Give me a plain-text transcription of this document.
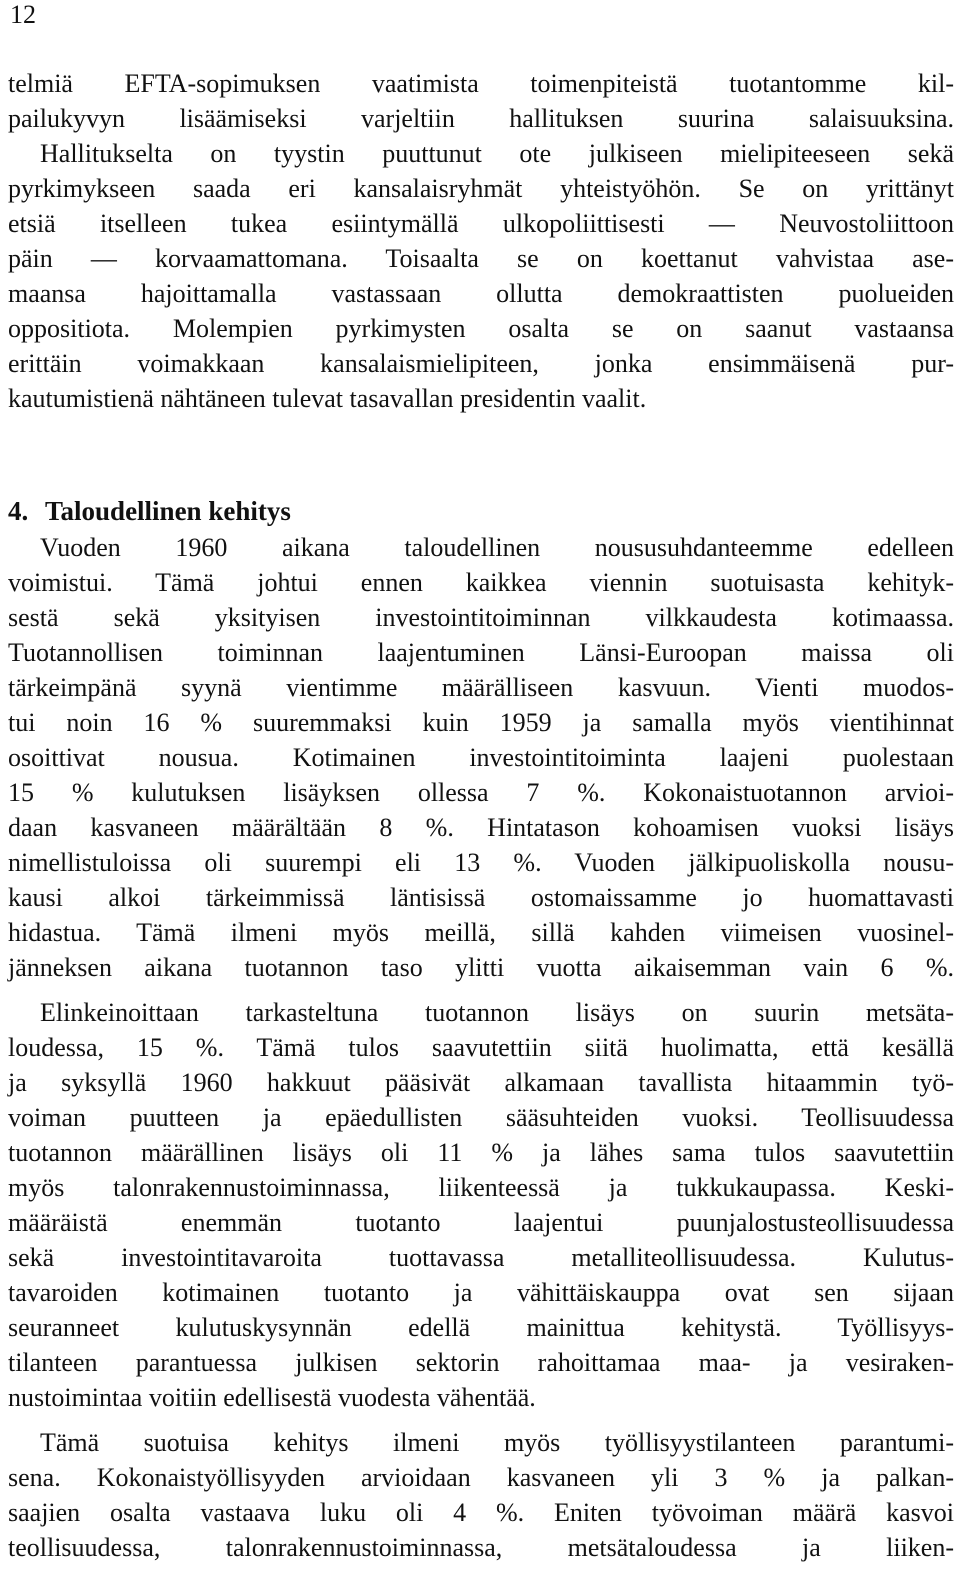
12
telmiä EFTA-sopimuksen vaatimista toimenpiteistä tuotantomme kil-
pailukyvyn lisäämiseksi varjeltiin hallituksen suurina salaisuuksina.
Hallitukselta on tyystin puuttunut ote julkiseen mielipiteeseen sekä
pyrkimykseen saada eri kansalaisryhmät yhteistyöhön. Se on yrittänyt
etsiä itselleen tukea esiintymällä ulkopoliittisesti — Neuvostoliittoon
päin — korvaamattomana. Toisaalta se on koettanut vahvistaa ase-
maansa hajoittamalla vastassaan ollutta demokraattisten puolueiden
oppositiota. Molempien pyrkimysten osalta se on saanut vastaansa
erittäin voimakkaan kansalaismielipiteen, jonka ensimmäisenä pur-
kautumistienä nähtäneen tulevat tasavallan presidentin vaalit.
4. Taloudellinen kehitys
Vuoden 1960 aikana taloudellinen noususuhdanteemme edelleen
voimistui. Tämä johtui ennen kaikkea viennin suotuisasta kehityk-
sestä sekä yksityisen investointitoiminnan vilkkaudesta kotimaassa.
Tuotannollisen toiminnan laajentuminen Länsi-Euroopan maissa oli
tärkeimpänä syynä vientimme määrälliseen kasvuun. Vienti muodos-
tui noin 16 % suuremmaksi kuin 1959 ja samalla myös vientihinnat
osoittivat nousua. Kotimainen investointitoiminta laajeni puolestaan
15 % kulutuksen lisäyksen ollessa 7 %. Kokonaistuotannon arvioi-
daan kasvaneen määrältään 8 %. Hintatason kohoamisen vuoksi lisäys
nimellistuloissa oli suurempi eli 13 %. Vuoden jälkipuoliskolla nousu-
kausi alkoi tärkeimmissä läntisissä ostomaissamme jo huomattavasti
hidastua. Tämä ilmeni myös meillä, sillä kahden viimeisen vuosinel-
jänneksen aikana tuotannon taso ylitti vuotta aikaisemman vain 6 %.
Elinkeinoittaan tarkasteltuna tuotannon lisäys on suurin metsäta-
loudessa, 15 %. Tämä tulos saavutettiin siitä huolimatta, että kesällä
ja syksyllä 1960 hakkuut pääsivät alkamaan tavallista hitaammin työ-
voiman puutteen ja epäedullisten sääsuhteiden vuoksi. Teollisuudessa
tuotannon määrällinen lisäys oli 11 % ja lähes sama tulos saavutettiin
myös talonrakennustoiminnassa, liikenteessä ja tukkukaupassa. Keski-
määräistä enemmän tuotanto laajentui puunjalostusteollisuudessa
sekä investointitavaroita tuottavassa metalliteollisuudessa. Kulutus-
tavaroiden kotimainen tuotanto ja vähittäiskauppa ovat sen sijaan
seuranneet kulutuskysynnän edellä mainittua kehitystä. Työllisyys-
tilanteen parantuessa julkisen sektorin rahoittamaa maa- ja vesiraken-
nustoimintaa voitiin edellisestä vuodesta vähentää.
Tämä suotuisa kehitys ilmeni myös työllisyystilanteen parantumi-
sena. Kokonaistyöllisyyden arvioidaan kasvaneen yli 3 % ja palkan-
saajien osalta vastaava luku oli 4 %. Eniten työvoiman määrä kasvoi
teollisuudessa, talonrakennustoiminnassa, metsätaloudessa ja liiken-
